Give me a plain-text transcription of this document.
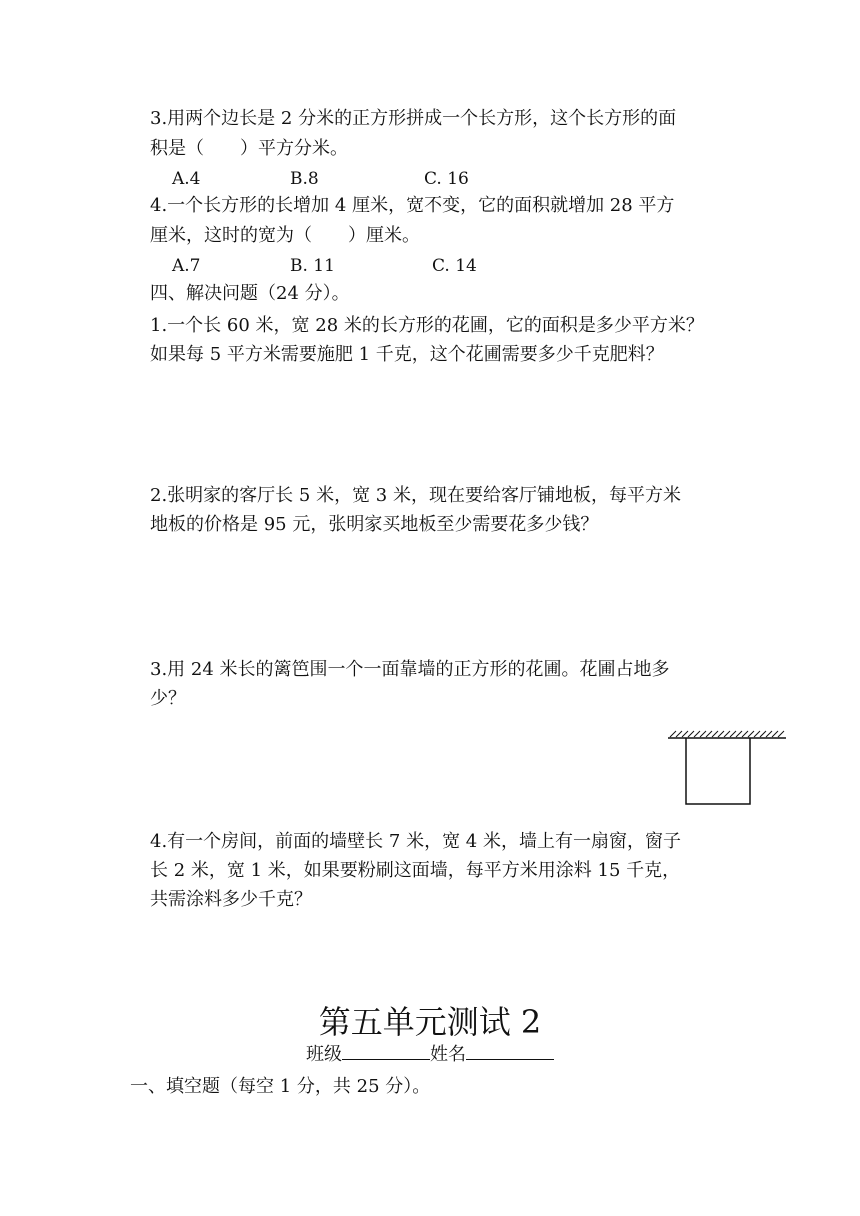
3.用两个边长是 2 分米的正方形拼成一个长方形，这个长方形的面
积是（　　）平方分米。
A.4	B.8	C. 16
4.一个长方形的长增加 4 厘米，宽不变，它的面积就增加 28 平方
厘米，这时的宽为（　　）厘米。
A.7	B. 11	C. 14
四、解决问题（24 分）。
1.一个长 60 米，宽 28 米的长方形的花圃，它的面积是多少平方米？
如果每 5 平方米需要施肥 1 千克，这个花圃需要多少千克肥料？
2.张明家的客厅长 5 米，宽 3 米，现在要给客厅铺地板，每平方米
地板的价格是 95 元，张明家买地板至少需要花多少钱？
3.用 24 米长的篱笆围一个一面靠墙的正方形的花圃。花圃占地多
少？
4.有一个房间，前面的墙壁长 7 米，宽 4 米，墙上有一扇窗，窗子
长 2 米，宽 1 米，如果要粉刷这面墙，每平方米用涂料 15 千克，
共需涂料多少千克？
第五单元测试 2
班级	姓名
一、填空题（每空 1 分，共 25 分）。
